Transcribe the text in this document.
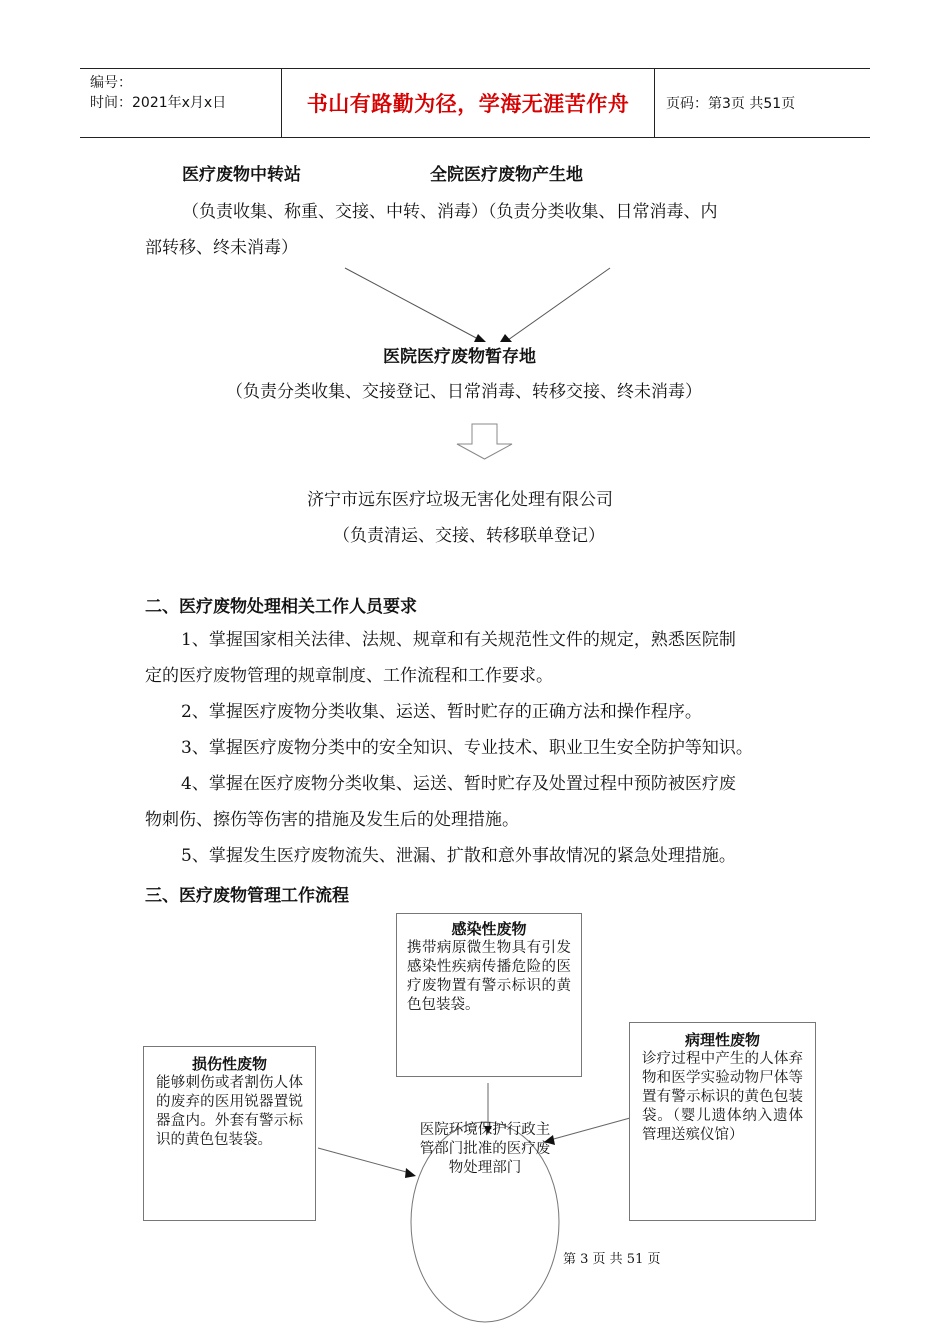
编号：
时间：2021年x月x日	书山有路勤为径，学海无涯苦作舟	页码：第3页 共51页
医疗废物中转站	全院医疗废物产生地
（负责收集、称重、交接、中转、消毒）（负责分类收集、日常消毒、内
部转移、终未消毒）
医院医疗废物暂存地
（负责分类收集、交接登记、日常消毒、转移交接、终未消毒）
济宁市远东医疗垃圾无害化处理有限公司
（负责清运、交接、转移联单登记）
二、医疗废物处理相关工作人员要求
1、掌握国家相关法律、法规、规章和有关规范性文件的规定，熟悉医院制
定的医疗废物管理的规章制度、工作流程和工作要求。
2、掌握医疗废物分类收集、运送、暂时贮存的正确方法和操作程序。
3、掌握医疗废物分类中的安全知识、专业技术、职业卫生安全防护等知识。
4、掌握在医疗废物分类收集、运送、暂时贮存及处置过程中预防被医疗废
物刺伤、擦伤等伤害的措施及发生后的处理措施。
5、掌握发生医疗废物流失、泄漏、扩散和意外事故情况的紧急处理措施。
三、医疗废物管理工作流程
感染性废物
携带病原微生物具有引发感染性疾病传播危险的医疗废物置有警示标识的黄色包装袋。
损伤性废物
能够刺伤或者割伤人体的废弃的医用锐器置锐器盒内。外套有警示标识的黄色包装袋。
病理性废物
诊疗过程中产生的人体弃物和医学实验动物尸体等置有警示标识的黄色包装袋。（婴儿遗体纳入遗体管理送殡仪馆）
医院环境保护行政主管部门批准的医疗废物处理部门
第 3 页 共 51 页
